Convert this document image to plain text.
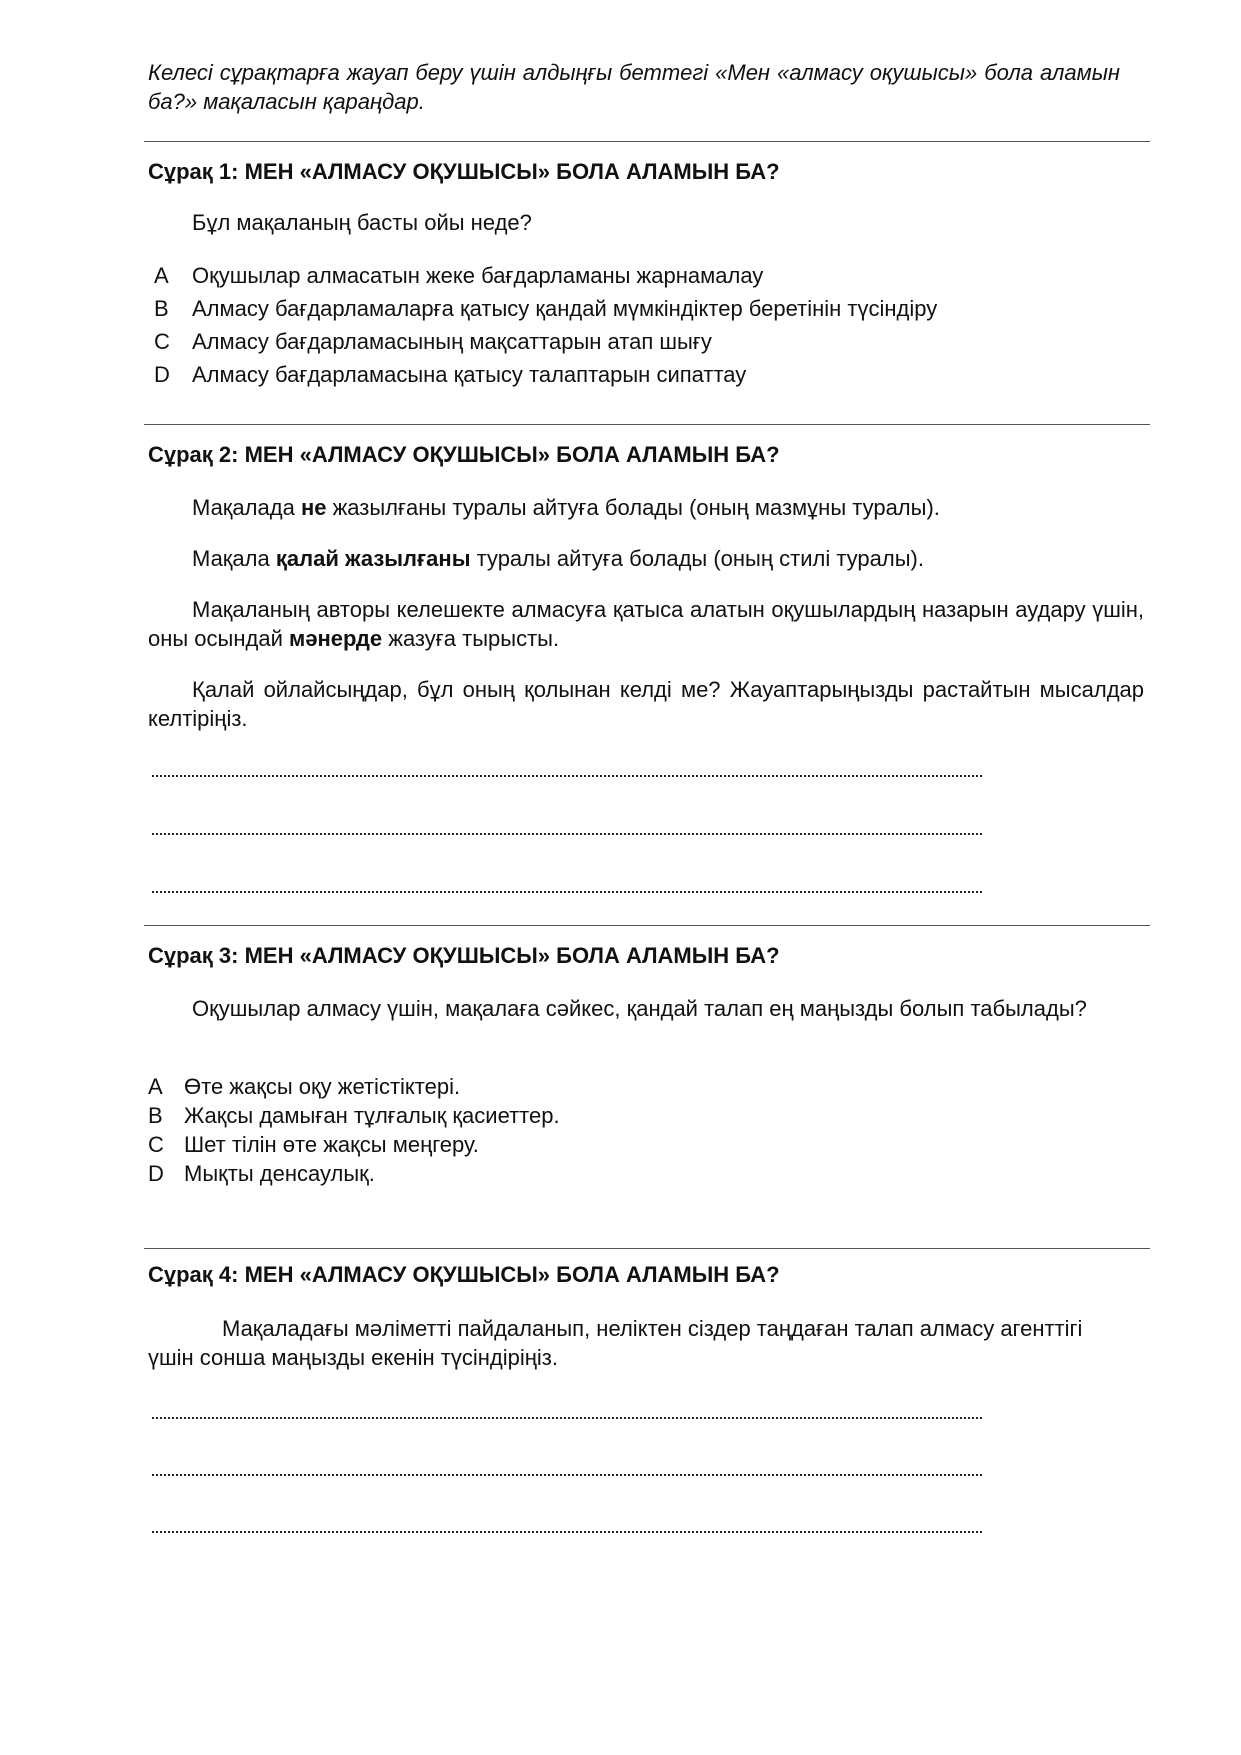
Келесі сұрақтарға жауап беру үшін алдыңғы беттегі «Мен «алмасу оқушысы» бола аламын ба?» мақаласын қараңдар.
Сұрақ 1: МЕН «АЛМАСУ ОҚУШЫСЫ» БОЛА АЛАМЫН БА?
Бұл мақаланың басты ойы неде?
A Оқушылар алмасатын жеке бағдарламаны жарнамалау
B Алмасу бағдарламаларға қатысу қандай мүмкіндіктер беретінін түсіндіру
C Алмасу бағдарламасының мақсаттарын атап шығу
D Алмасу бағдарламасына қатысу талаптарын сипаттау
Сұрақ 2: МЕН «АЛМАСУ ОҚУШЫСЫ» БОЛА АЛАМЫН БА?
Мақалада не жазылғаны туралы айтуға болады (оның мазмұны туралы).
Мақала қалай жазылғаны туралы айтуға болады (оның стилі туралы).
Мақаланың авторы келешекте алмасуға қатыса алатын оқушылардың назарын аудару үшін, оны осындай мәнерде жазуға тырысты.
Қалай ойлайсыңдар, бұл оның қолынан келді ме? Жауаптарыңызды растайтын мысалдар келтіріңіз.
Сұрақ 3: МЕН «АЛМАСУ ОҚУШЫСЫ» БОЛА АЛАМЫН БА?
Оқушылар алмасу үшін, мақалаға сәйкес, қандай талап ең маңызды болып табылады?
A Өте жақсы оқу жетістіктері.
B Жақсы дамыған тұлғалық қасиеттер.
C Шет тілін өте жақсы меңгеру.
D Мықты денсаулық.
Сұрақ 4: МЕН «АЛМАСУ ОҚУШЫСЫ» БОЛА АЛАМЫН БА?
Мақаладағы мәліметті пайдаланып, неліктен сіздер таңдаған талап алмасу агенттігі үшін сонша маңызды екенін түсіндіріңіз.
